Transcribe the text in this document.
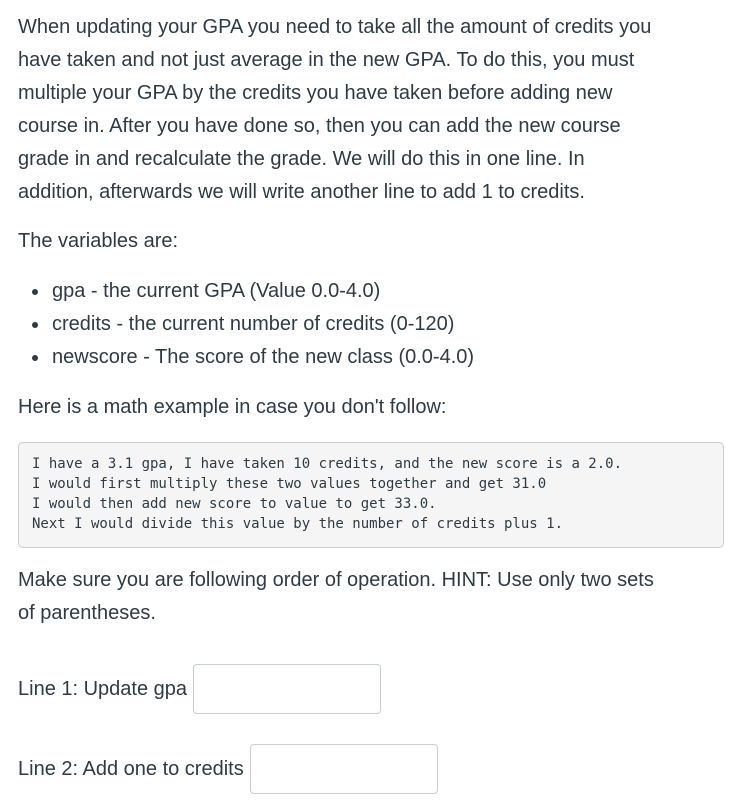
When updating your GPA you need to take all the amount of credits you
have taken and not just average in the new GPA. To do this, you must
multiple your GPA by the credits you have taken before adding new
course in. After you have done so, then you can add the new course
grade in and recalculate the grade. We will do this in one line. In
addition, afterwards we will write another line to add 1 to credits.

The variables are:

gpa - the current GPA (Value 0.0-4.0)
credits - the current number of credits (0-120)
newscore - The score of the new class (0.0-4.0)

Here is a math example in case you don't follow:

I have a 3.1 gpa, I have taken 10 credits, and the new score is a 2.0.
I would first multiply these two values together and get 31.0
I would then add new score to value to get 33.0.
Next I would divide this value by the number of credits plus 1.

Make sure you are following order of operation. HINT: Use only two sets
of parentheses.

Line 1: Update gpa
Line 2: Add one to credits
